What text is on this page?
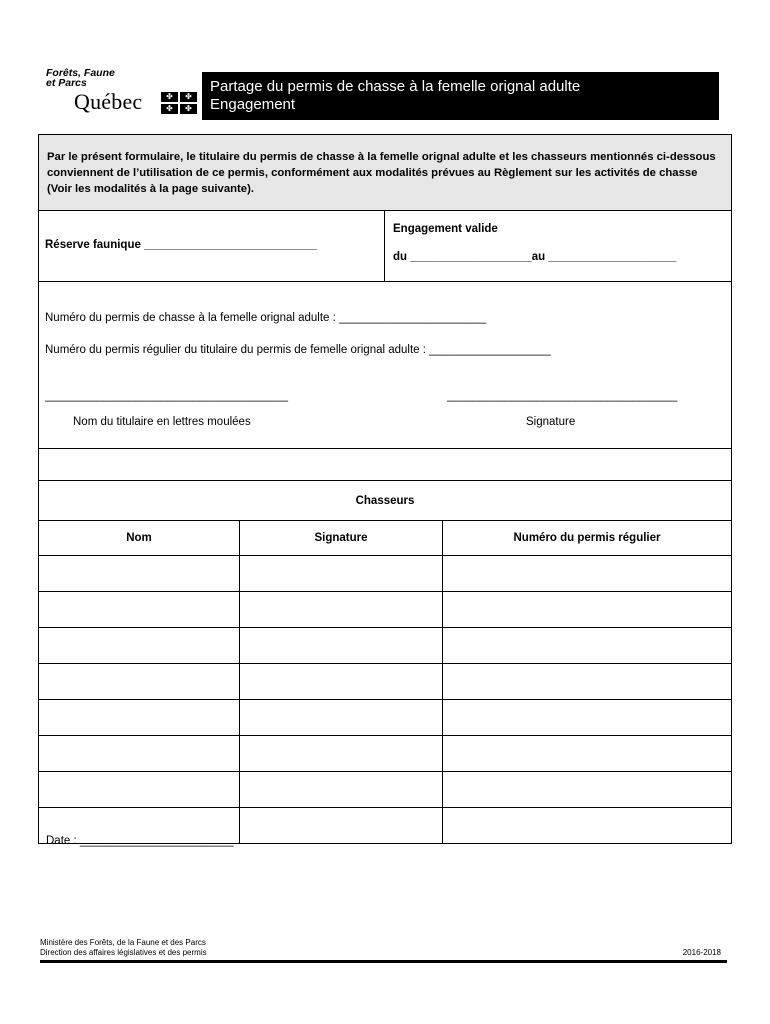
Forêts, Faune
et Parcs
Québec	✤	✤
✤	✤
Partage du permis de chasse à la femelle orignal adulte
Engagement
Par le présent formulaire, le titulaire du permis de chasse à la femelle orignal adulte et les chasseurs mentionnés ci-dessous conviennent de l’utilisation de ce permis, conformément aux modalités prévues au Règlement sur les activités de chasse (Voir les modalités à la page suivante).
Réserve faunique ___________________________
Engagement valide
du ___________________au ____________________
Numéro du permis de chasse à la femelle orignal adulte : _______________________
Numéro du permis régulier du titulaire du permis de femelle orignal adulte : ___________________
______________________________________	____________________________________
Nom du titulaire en lettres moulées	Signature
Chasseurs		
Nom	Signature	Numéro du permis régulier

Date : ________________________
Ministère des Forêts, de la Faune et des Parcs
Direction des affaires législatives et des permis	2016-2018
